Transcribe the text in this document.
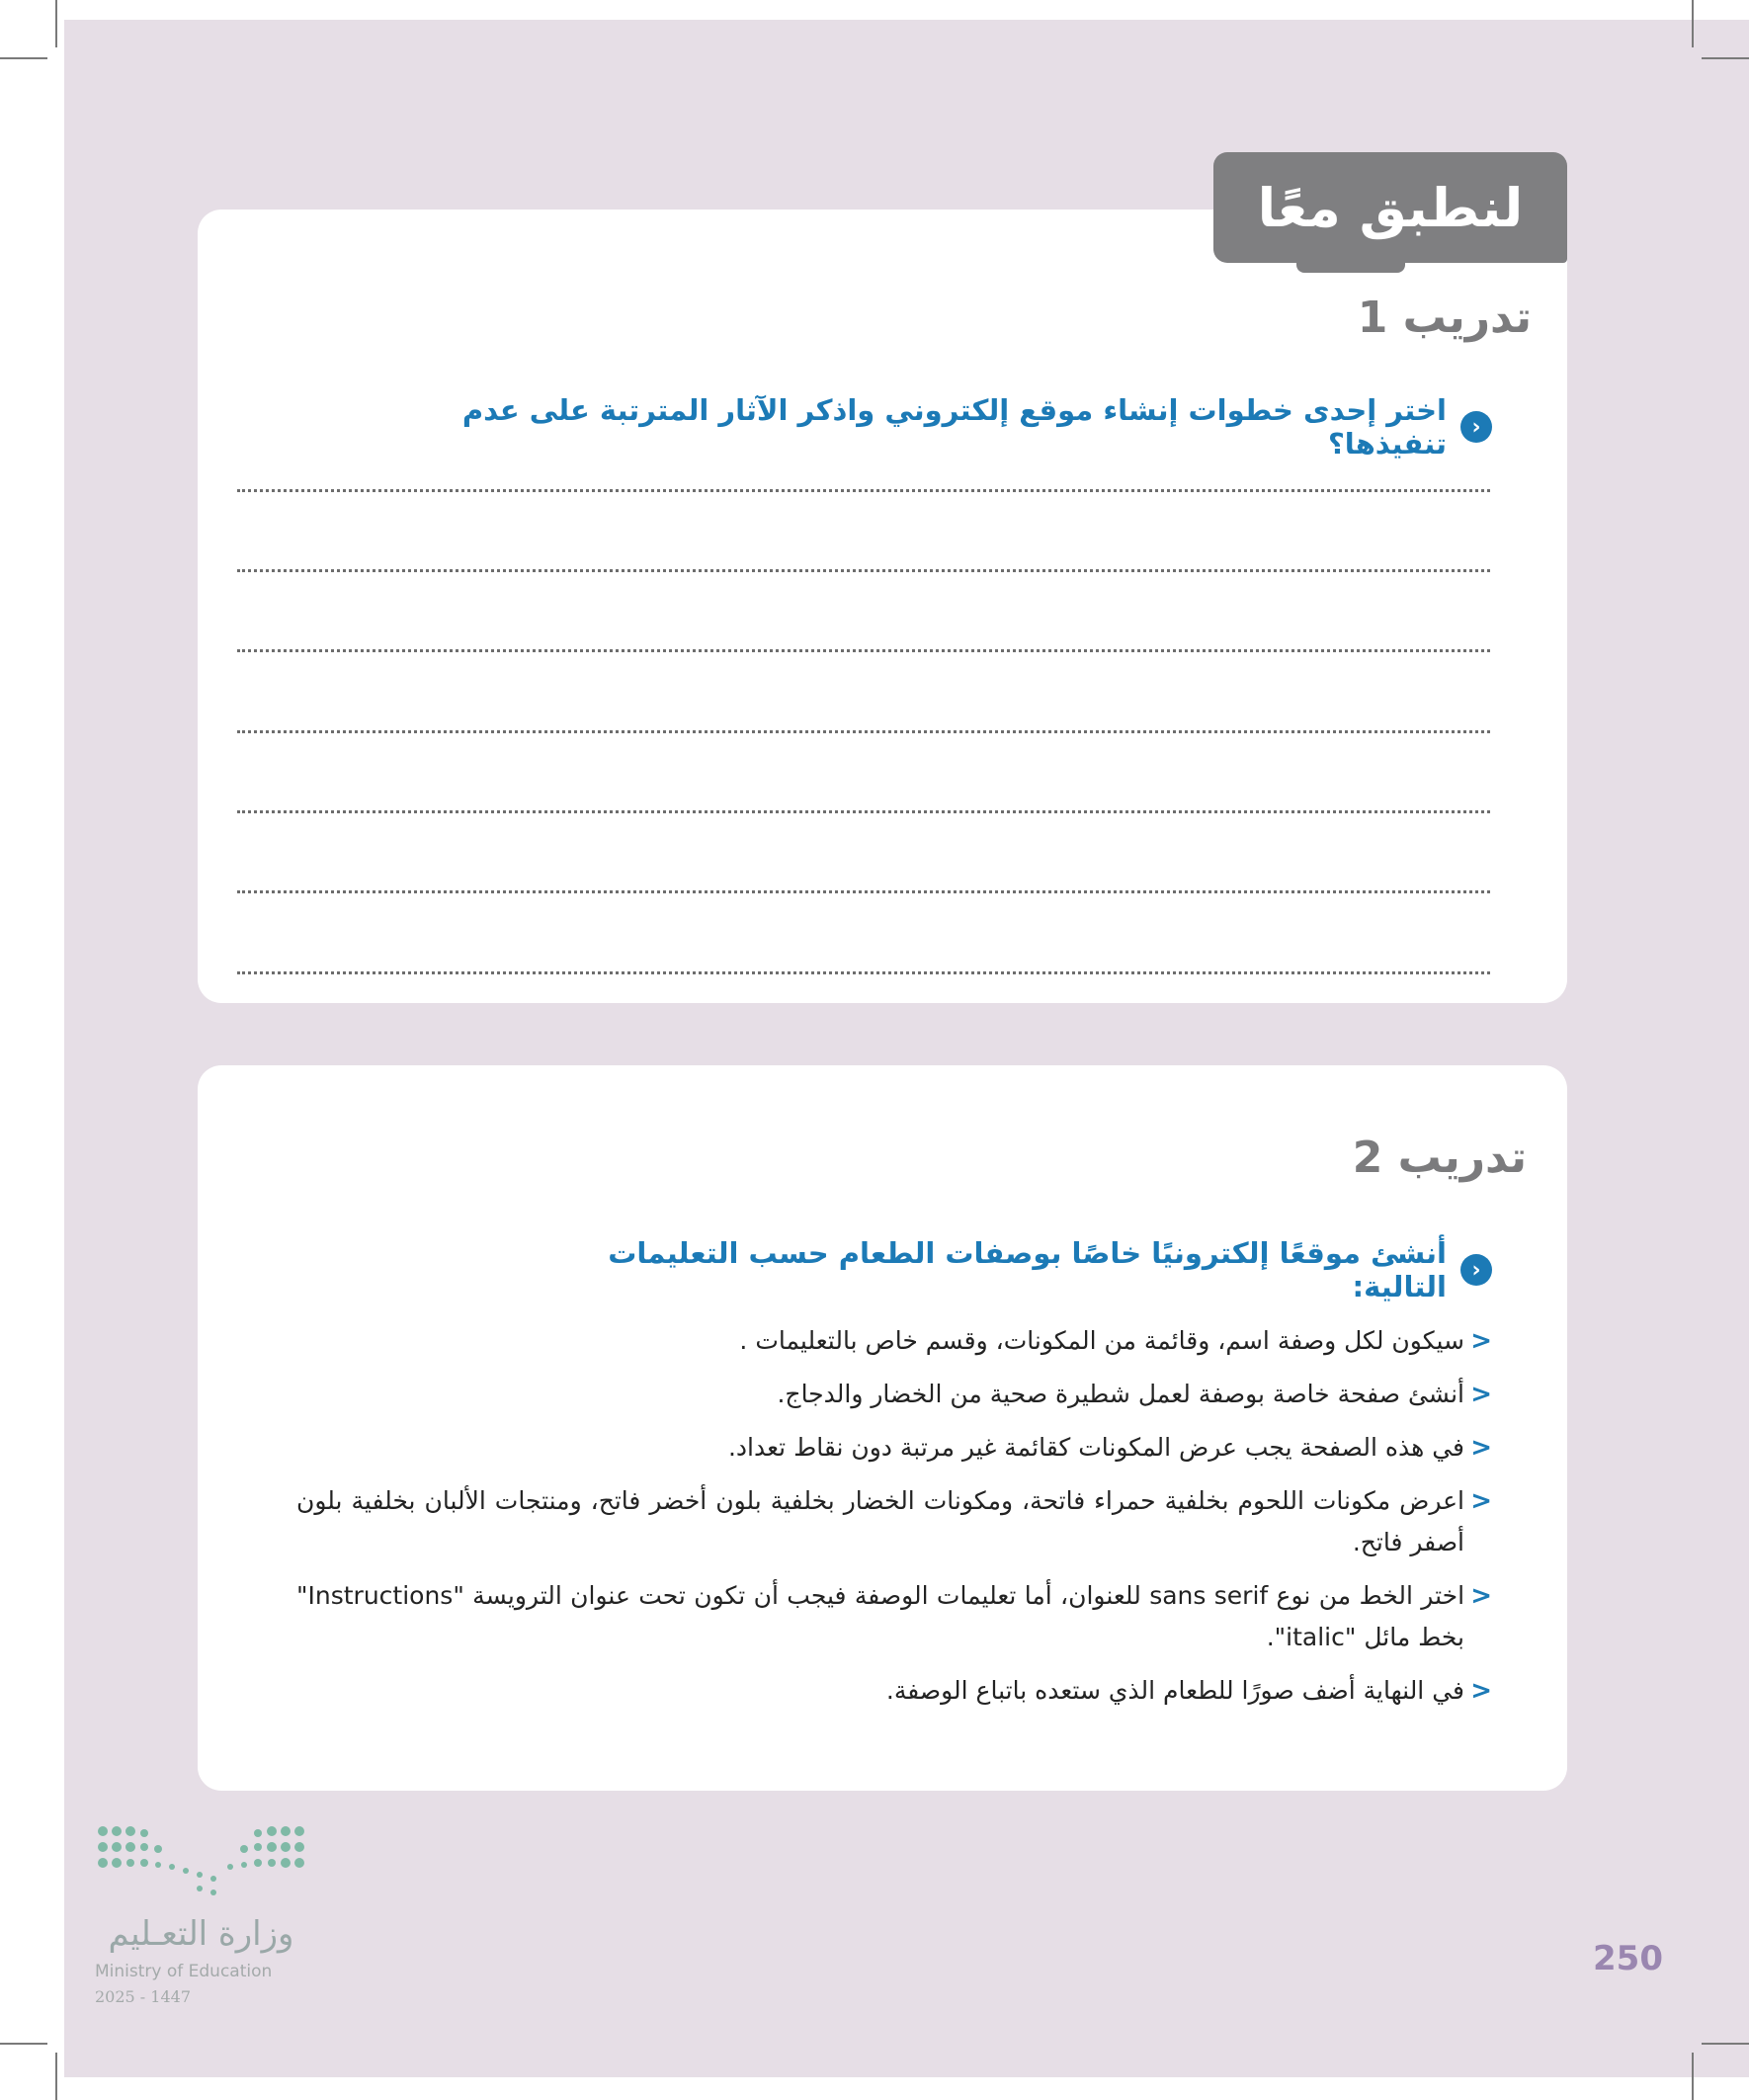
لنطبق معًا
تدريب 1
‹
اختر إحدى خطوات إنشاء موقع إلكتروني واذكر الآثار المترتبة على عدم تنفيذها؟
تدريب 2
‹
أنشئ موقعًا إلكترونيًا خاصًا بوصفات الطعام حسب التعليمات التالية:
<
سيكون لكل وصفة اسم، وقائمة من المكونات، وقسم خاص بالتعليمات .
<
أنشئ صفحة خاصة بوصفة لعمل شطيرة صحية من الخضار والدجاج.
<
في هذه الصفحة يجب عرض المكونات كقائمة غير مرتبة دون نقاط تعداد.
<
اعرض مكونات اللحوم بخلفية حمراء فاتحة، ومكونات الخضار بخلفية بلون أخضر فاتح، ومنتجات الألبان بخلفية بلون أصفر فاتح.
<
اختر الخط من نوع sans serif للعنوان، أما تعليمات الوصفة فيجب أن تكون تحت عنوان الترويسة "Instructions" بخط مائل "italic".
<
في النهاية أضف صورًا للطعام الذي ستعده باتباع الوصفة.
وزارة التعـليم
Ministry of Education
2025 - 1447
250
